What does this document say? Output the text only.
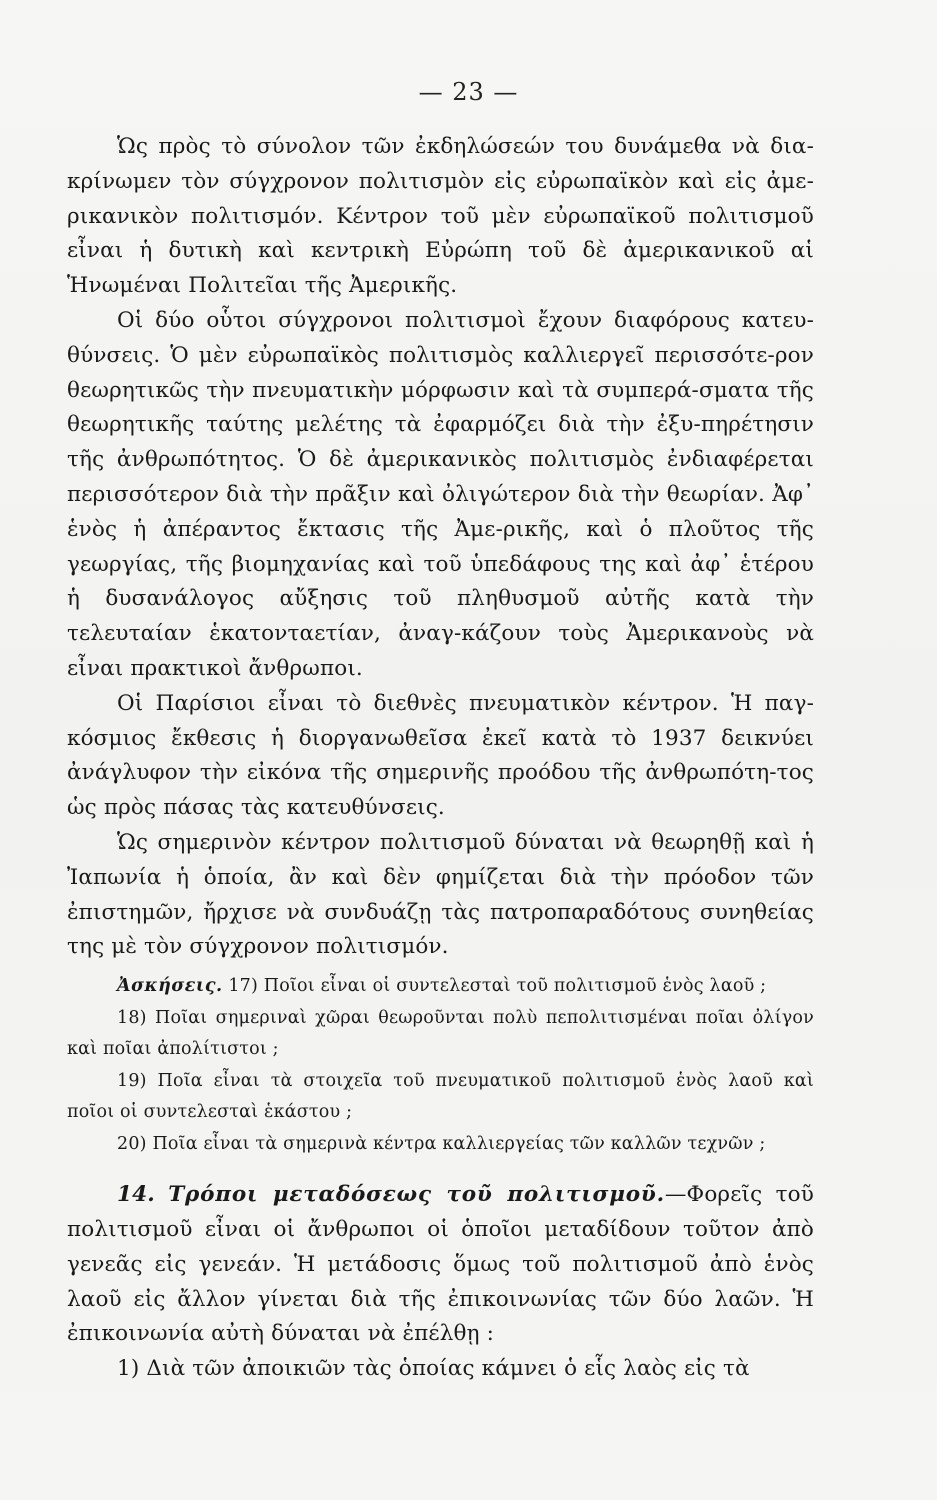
— 23 —

Ὡς πρὸς τὸ σύνολον τῶν ἐκδηλώσεών του δυνάμεθα νὰ δια-κρίνωμεν τὸν σύγχρονον πολιτισμὸν εἰς εὐρωπαϊκὸν καὶ εἰς ἀμε-ρικανικὸν πολιτισμόν. Κέντρον τοῦ μὲν εὐρωπαϊκοῦ πολιτισμοῦ εἶναι ἡ δυτικὴ καὶ κεντρικὴ Εὐρώπη τοῦ δὲ ἀμερικανικοῦ αἱ Ἡνωμέναι Πολιτεῖαι τῆς Ἀμερικῆς.

Οἱ δύο οὗτοι σύγχρονοι πολιτισμοὶ ἔχουν διαφόρους κατευ-θύνσεις. Ὁ μὲν εὐρωπαϊκὸς πολιτισμὸς καλλιεργεῖ περισσότε-ρον θεωρητικῶς τὴν πνευματικὴν μόρφωσιν καὶ τὰ συμπερά-σματα τῆς θεωρητικῆς ταύτης μελέτης τὰ ἐφαρμόζει διὰ τὴν ἐξυ-πηρέτησιν τῆς ἀνθρωπότητος. Ὁ δὲ ἀμερικανικὸς πολιτισμὸς ἐνδιαφέρεται περισσότερον διὰ τὴν πρᾶξιν καὶ ὀλιγώτερον διὰ τὴν θεωρίαν. Ἀφ᾽ ἑνὸς ἡ ἀπέραντος ἔκτασις τῆς Ἀμε-ρικῆς, καὶ ὁ πλοῦτος τῆς γεωργίας, τῆς βιομηχανίας καὶ τοῦ ὑπεδάφους της καὶ ἀφ᾽ ἑτέρου ἡ δυσανάλογος αὔξησις τοῦ πληθυσμοῦ αὐτῆς κατὰ τὴν τελευταίαν ἑκατονταετίαν, ἀναγ-κάζουν τοὺς Ἀμερικανοὺς νὰ εἶναι πρακτικοὶ ἄνθρωποι.

Οἱ Παρίσιοι εἶναι τὸ διεθνὲς πνευματικὸν κέντρον. Ἡ παγ-κόσμιος ἔκθεσις ἡ διοργανωθεῖσα ἐκεῖ κατὰ τὸ 1937 δεικνύει ἀνάγλυφον τὴν εἰκόνα τῆς σημερινῆς προόδου τῆς ἀνθρωπότη-τος ὡς πρὸς πάσας τὰς κατευθύνσεις.

Ὡς σημερινὸν κέντρον πολιτισμοῦ δύναται νὰ θεωρηθῇ καὶ ἡ Ἰαπωνία ἡ ὁποία, ἂν καὶ δὲν φημίζεται διὰ τὴν πρόοδον τῶν ἐπιστημῶν, ἤρχισε νὰ συνδυάζῃ τὰς πατροπαραδότους συνηθείας της μὲ τὸν σύγχρονον πολιτισμόν.

Ἀσκήσεις. 17) Ποῖοι εἶναι οἱ συντελεσταὶ τοῦ πολιτισμοῦ ἑνὸς λαοῦ ;

18) Ποῖαι σημεριναὶ χῶραι θεωροῦνται πολὺ πεπολιτισμέναι ποῖαι ὀλίγον καὶ ποῖαι ἀπολίτιστοι ;

19) Ποῖα εἶναι τὰ στοιχεῖα τοῦ πνευματικοῦ πολιτισμοῦ ἑνὸς λαοῦ καὶ ποῖοι οἱ συντελεσταὶ ἑκάστου ;

20) Ποῖα εἶναι τὰ σημερινὰ κέντρα καλλιεργείας τῶν καλλῶν τεχνῶν ;

14. Τρόποι μεταδόσεως τοῦ πολιτισμοῦ.—Φορεῖς τοῦ πολιτισμοῦ εἶναι οἱ ἄνθρωποι οἱ ὁποῖοι μεταδίδουν τοῦτον ἀπὸ γενεᾶς εἰς γενεάν. Ἡ μετάδοσις ὅμως τοῦ πολιτισμοῦ ἀπὸ ἑνὸς λαοῦ εἰς ἄλλον γίνεται διὰ τῆς ἐπικοινωνίας τῶν δύο λαῶν. Ἡ ἐπικοινωνία αὐτὴ δύναται νὰ ἐπέλθῃ :

1) Διὰ τῶν ἀποικιῶν τὰς ὁποίας κάμνει ὁ εἷς λαὸς εἰς τὰ
